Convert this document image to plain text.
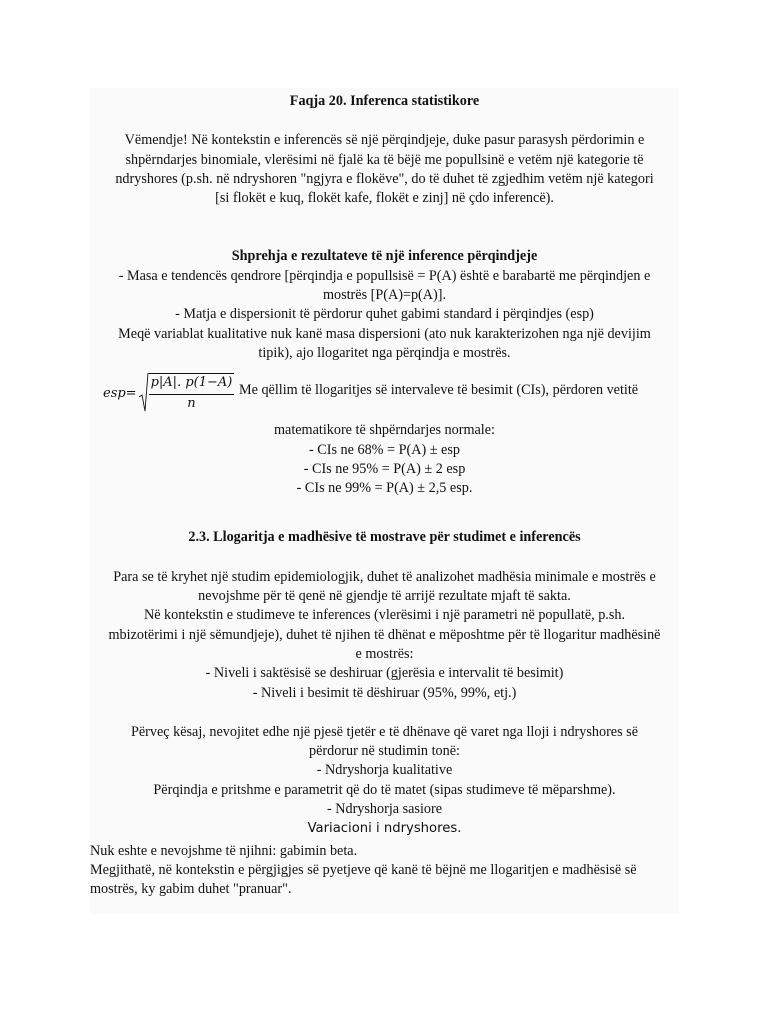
Faqja 20. Inferenca statistikore

Vëmendje! Në kontekstin e inferencës së një përqindjeje, duke pasur parasysh përdorimin e

shpërndarjes binomiale, vlerësimi në fjalë ka të bëjë me popullsinë e vetëm një kategorie të

ndryshores (p.sh. në ndryshoren "ngjyra e flokëve", do të duhet të zgjedhim vetëm një kategori

[si flokët e kuq, flokët kafe, flokët e zinj] në çdo inferencë).

Shprehja e rezultateve të një inference përqindjeje

- Masa e tendencës qendrore [përqindja e popullsisë = P(A) është e barabartë me përqindjen e

mostrës [P(A)=p(A)].

- Matja e dispersionit të përdorur quhet gabimi standard i përqindjes (esp)

Meqë variablat kualitative nuk kanë masa dispersioni (ato nuk karakterizohen nga një devijim

tipik), ajo llogaritet nga përqindja e mostrës.

$esp= \frac{p|A|. p(1-A)}{n}$ Me qëllim të llogaritjes së intervaleve të besimit (CIs), përdoren vetitë

matematikore të shpërndarjes normale:

- CIs ne 68% = P(A) ± esp

- CIs ne 95% = P(A) ± 2 esp

- CIs ne 99% = P(A) ± 2,5 esp.

2.3. Llogaritja e madhësive të mostrave për studimet e inferencës

Para se të kryhet një studim epidemiologjik, duhet të analizohet madhësia minimale e mostrës e

nevojshme për të qenë në gjendje të arrijë rezultate mjaft të sakta.

Në kontekstin e studimeve te inferences (vlerësimi i një parametri në popullatë, p.sh.

mbizotërimi i një sëmundjeje), duhet të njihen të dhënat e mëposhtme për të llogaritur madhësinë

e mostrës:

- Niveli i saktësisë se deshiruar (gjerësia e intervalit të besimit)

- Niveli i besimit të dëshiruar (95%, 99%, etj.)

Përveç kësaj, nevojitet edhe një pjesë tjetër e të dhënave që varet nga lloji i ndryshores së

përdorur në studimin tonë:

- Ndryshorja kualitative

Përqindja e pritshme e parametrit që do të matet (sipas studimeve të mëparshme).

- Ndryshorja sasiore

Variacioni i ndryshores.

Nuk eshte e nevojshme të njihni: gabimin beta.

Megjithatë, në kontekstin e përgjigjes së pyetjeve që kanë të bëjnë me llogaritjen e madhësisë së

mostrës, ky gabim duhet "pranuar".
